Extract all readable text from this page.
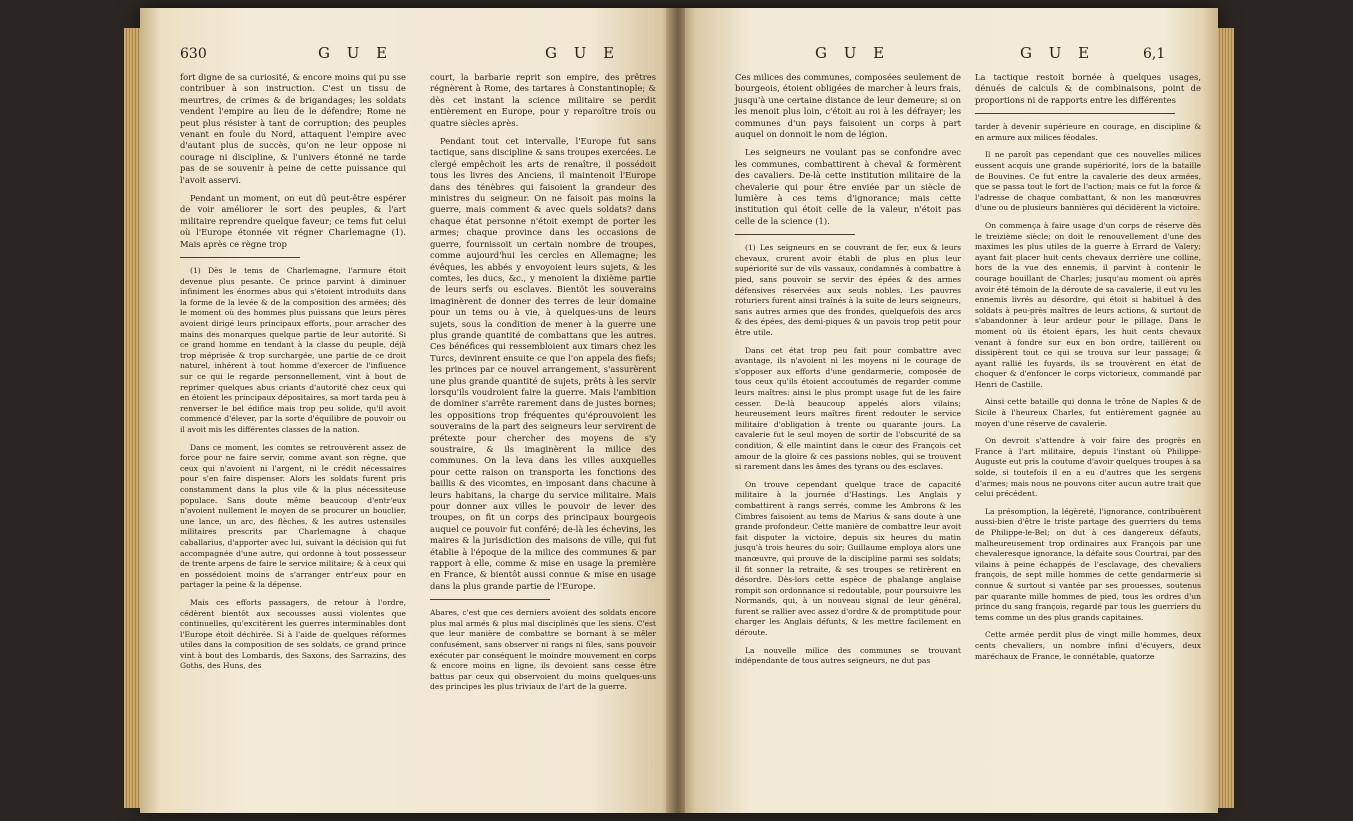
630	G U E	G U E

fort digne de sa curiosité, & encore moins qui pu sse contribuer à son instruction. C'est un tissu de meurtres, de crimes & de brigandages; les soldats vendent l'empire au lieu de le défendre; Rome ne peut plus résister à tant de corruption; des peuples venant en foule du Nord, attaquent l'empire avec d'autant plus de succès, qu'on ne leur oppose ni courage ni discipline, & l'univers étonné ne tarde pas de se souvenir à peine de cette puissance qui l'avoit asservi.

Pendant un moment, on eut dû peut-être espérer de voir améliorer le sort des peuples, & l'art militaire reprendre quelque faveur; ce tems fut celui où l'Europe étonnée vit régner Charlemagne (1). Mais après ce règne trop

(1) Dès le tems de Charlemagne, l'armure étoit devenue plus pesante. Ce prince parvint à diminuer infiniment les énormes abus qui s'étoient introduits dans la forme de la levée & de la composition des armées; dès le moment où des hommes plus puissans que leurs pères avoient dirigé leurs principaux efforts, pour arracher des mains des monarques quelque partie de leur autorité. Si ce grand homme en tendant à la classe du peuple, déjà trop méprisée & trop surchargée, une partie de ce droit naturel, inhérent à tout homme d'exercer de l'influence sur ce qui le regarde personnellement, vint à bout de reprimer quelques abus criants d'autorité chez ceux qui en étoient les principaux dépositaires, sa mort tarda peu à renverser le bel édifice mais trop peu solide, qu'il avoit commencé d'élever, par la sorte d'équilibre de pouvoir ou il avoit mis les différentes classes de la nation.

Dans ce moment, les comtes se retrouvèrent assez de force pour ne faire servir, comme avant son règne, que ceux qui n'avoient ni l'argent, ni le crédit nécessaires pour s'en faire dispenser. Alors les soldats furent pris constamment dans la plus vile & la plus nécessiteuse populace. Sans doute même beaucoup d'entr'eux n'avoient nullement le moyen de se procurer un bouclier, une lance, un arc, des flèches, & les autres ustensiles militaires prescrits par Charlemagne à chaque caballarius, d'apporter avec lui, suivant la décision qui fut accompagnée d'une autre, qui ordonne à tout possesseur de trente arpens de faire le service militaire; & à ceux qui en possédoient moins de s'arranger entr'eux pour en partager la peine & la dépense.

Mais ces efforts passagers, de retour à l'ordre, cédèrent bientôt aux secousses aussi violentes que continuelles, qu'excitèrent les guerres interminables dont l'Europe étoit déchirée. Si à l'aide de quelques réformes utiles dans la composition de ses soldats, ce grand prince vint à bout des Lombards, des Saxons, des Sarrazins, des Goths, des Huns, des

court, la barbarie reprit son empire, des prêtres régnèrent à Rome, des tartares à Constantinople; & dès cet instant la science militaire se perdit entièrement en Europe, pour y reparoître trois ou quatre siècles après.

Pendant tout cet intervalle, l'Europe fut sans tactique, sans discipline & sans troupes exercées. Le clergé empêchoit les arts de renaître, il possédoit tous les livres des Anciens, il maintenoit l'Europe dans des ténèbres qui faisoient la grandeur des ministres du seigneur. On ne faisoit pas moins la guerre, mais comment & avec quels soldats? dans chaque état personne n'étoit exempt de porter les armes; chaque province dans les occasions de guerre, fournissoit un certain nombre de troupes, comme aujourd'hui les cercles en Allemagne; les évêques, les abbés y envoyoient leurs sujets, & les comtes, les ducs, &c., y menoient la dixième partie de leurs serfs ou esclaves. Bientôt les souverains imaginèrent de donner des terres de leur domaine pour un tems ou à vie, à quelques-uns de leurs sujets, sous la condition de mener à la guerre une plus grande quantité de combattans que les autres. Ces bénéfices qui ressembloient aux timars chez les Turcs, devinrent ensuite ce que l'on appela des fiefs; les princes par ce nouvel arrangement, s'assurèrent une plus grande quantité de sujets, prêts à les servir lorsqu'ils voudroient faire la guerre. Mais l'ambition de dominer s'arrête rarement dans de justes bornes; les oppositions trop fréquentes qu'éprouvoient les souverains de la part des seigneurs leur servirent de prétexte pour chercher des moyens de s'y soustraire, & ils imaginèrent la milice des communes. On la leva dans les villes auxquelles pour cette raison on transporta les fonctions des baillis & des vicomtes, en imposant dans chacune à leurs habitans, la charge du service militaire. Mais pour donner aux villes le pouvoir de lever des troupes, on fit un corps des principaux bourgeois auquel ce pouvoir fut conféré; de-là les échevins, les maires & la jurisdiction des maisons de ville, qui fut établie à l'époque de la milice des communes & par rapport à elle, comme & mise en usage la première en France, & bientôt aussi connue & mise en usage dans la plus grande partie de l'Europe.

Abares, c'est que ces derniers avoient des soldats encore plus mal armés & plus mal disciplinés que les siens. C'est que leur manière de combattre se bornant à se mêler confusément, sans observer ni rangs ni files, sans pouvoir exécuter par conséquent le moindre mouvement en corps & encore moins en ligne, ils devoient sans cesse être battus par ceux qui observoient du moins quelques-uns des principes les plus triviaux de l'art de la guerre.

G U E	G U E	6,1

Ces milices des communes, composées seulement de bourgeois, étoient obligées de marcher à leurs frais, jusqu'à une certaine distance de leur demeure; si on les menoit plus loin, c'étoit au roi à les défrayer; les communes d'un pays faisoient un corps à part auquel on donnoit le nom de légion.

Les seigneurs ne voulant pas se confondre avec les communes, combattirent à cheval & formèrent des cavaliers. De-là cette institution militaire de la chevalerie qui pour être enviée par un siècle de lumière à ces tems d'ignorance; mais cette institution qui étoit celle de la valeur, n'étoit pas celle de la science (1).

(1) Les seigneurs en se couvrant de fer, eux & leurs chevaux, crurent avoir établi de plus en plus leur supériorité sur de vils vassaux, condamnés à combattre à pied, sans pouvoir se servir des épées & des armes défensives réservées aux seuls nobles. Les pauvres roturiers furent ainsi traînés à la suite de leurs seigneurs, sans autres armes que des frondes, quelquefois des arcs & des épées, des demi-piques & un pavois trop petit pour être utile.

Dans cet état trop peu fait pour combattre avec avantage, ils n'avoient ni les moyens ni le courage de s'opposer aux efforts d'une gendarmerie, composée de tous ceux qu'ils étoient accoutumés de regarder comme leurs maîtres: ainsi le plus prompt usage fut de les faire cesser. De-là beaucoup appelés alors vilains; heureusement leurs maîtres firent redouter le service militaire d'obligation à trente ou quarante jours. La cavalerie fut le seul moyen de sortir de l'obscurité de sa condition, & elle maintint dans le cœur des François cet amour de la gloire & ces passions nobles, qui se trouvent si rarement dans les âmes des tyrans ou des esclaves.

On trouve cependant quelque trace de capacité militaire à la journée d'Hastings. Les Anglais y combattirent à rangs serrés, comme les Ambrons & les Cimbres faisoient au tems de Marius & sans doute à une grande profondeur. Cette manière de combattre leur avoit fait disputer la victoire, depuis six heures du matin jusqu'à trois heures du soir; Guillaume employa alors une manœuvre, qui prouve de la discipline parmi ses soldats; il fit sonner la retraite, & ses troupes se retirèrent en désordre. Dès-lors cette espèce de phalange anglaise rompit son ordonnance si redoutable, pour poursuivre les Normands, qui, à un nouveau signal de leur général, furent se rallier avec assez d'ordre & de promptitude pour charger les Anglais défunts, & les mettre facilement en déroute.

La nouvelle milice des communes se trouvant indépendante de tous autres seigneurs, ne dut pas

La tactique restoit bornée à quelques usages, dénués de calculs & de combinaisons, point de proportions ni de rapports entre les différentes

tarder à devenir supérieure en courage, en discipline & en armure aux milices féodales.

Il ne paroît pas cependant que ces nouvelles milices eussent acquis une grande supériorité, lors de la bataille de Bouvines. Ce fut entre la cavalerie des deux armées, que se passa tout le fort de l'action; mais ce fut la force & l'adresse de chaque combattant, & non les manœuvres d'une ou de plusieurs bannières qui décidèrent la victoire.

On commença à faire usage d'un corps de réserve dès le treizième siècle; on doit le renouvellement d'une des maximes les plus utiles de la guerre à Errard de Valery; ayant fait placer huit cents chevaux derrière une colline, hors de la vue des ennemis, il parvint à contenir le courage bouillant de Charles; jusqu'au moment où après avoir été témoin de la déroute de sa cavalerie, il eut vu les ennemis livrés au désordre, qui étoit si habituel à des soldats à peu-près maîtres de leurs actions, & surtout de s'abandonner à leur ardeur pour le pillage. Dans le moment où ils étoient épars, les huit cents chevaux venant à fondre sur eux en bon ordre, taillèrent ou dissipèrent tout ce qui se trouva sur leur passage; & ayant rallié les fuyards, ils se trouvèrent en état de choquer & d'enfoncer le corps victorieux, commandé par Henri de Castille.

Ainsi cette bataille qui donna le trône de Naples & de Sicile à l'heureux Charles, fut entièrement gagnée au moyen d'une réserve de cavalerie.

On devroit s'attendre à voir faire des progrès en France à l'art militaire, depuis l'instant où Philippe-Auguste eut pris la coutume d'avoir quelques troupes à sa solde, si toutefois il en a eu d'autres que les sergens d'armes; mais nous ne pouvons citer aucun autre trait que celui précédent.

La présomption, la légèreté, l'ignorance, contribuèrent aussi-bien d'être le triste partage des guerriers du tems de Philippe-le-Bel; on dut à ces dangereux défauts, malheureusement trop ordinaires aux François par une chevaleresque ignorance, la défaite sous Courtrai, par des vilains à peine échappés de l'esclavage, des chevaliers françois, de sept mille hommes de cette gendarmerie si connue & surtout si vantée par ses prouesses, soutenus par quarante mille hommes de pied, tous les ordres d'un prince du sang françois, regardé par tous les guerriers du tems comme un des plus grands capitaines.

Cette armée perdit plus de vingt mille hommes, deux cents chevaliers, un nombre infini d'écuyers, deux maréchaux de France, le connétable, quatorze
